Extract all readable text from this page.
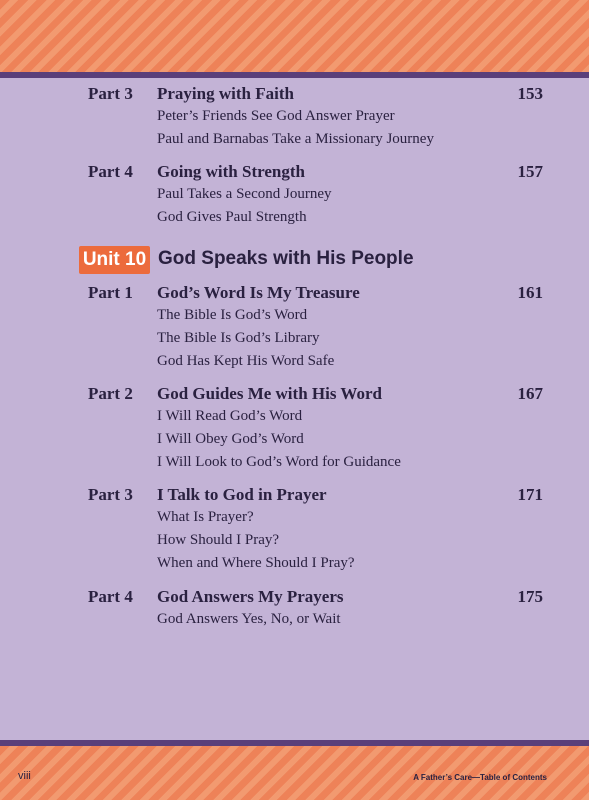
Part 3 Praying with Faith	153
Peter’s Friends See God Answer Prayer
Paul and Barnabas Take a Missionary Journey
Part 4 Going with Strength	157
Paul Takes a Second Journey
God Gives Paul Strength
Unit 10 God Speaks with His People
Part 1 God’s Word Is My Treasure	161
The Bible Is God’s Word
The Bible Is God’s Library
God Has Kept His Word Safe
Part 2 God Guides Me with His Word	167
I Will Read God’s Word
I Will Obey God’s Word
I Will Look to God’s Word for Guidance
Part 3 I Talk to God in Prayer	171
What Is Prayer?
How Should I Pray?
When and Where Should I Pray?
Part 4 God Answers My Prayers	175
God Answers Yes, No, or Wait
viii	A Father’s Care—Table of Contents
